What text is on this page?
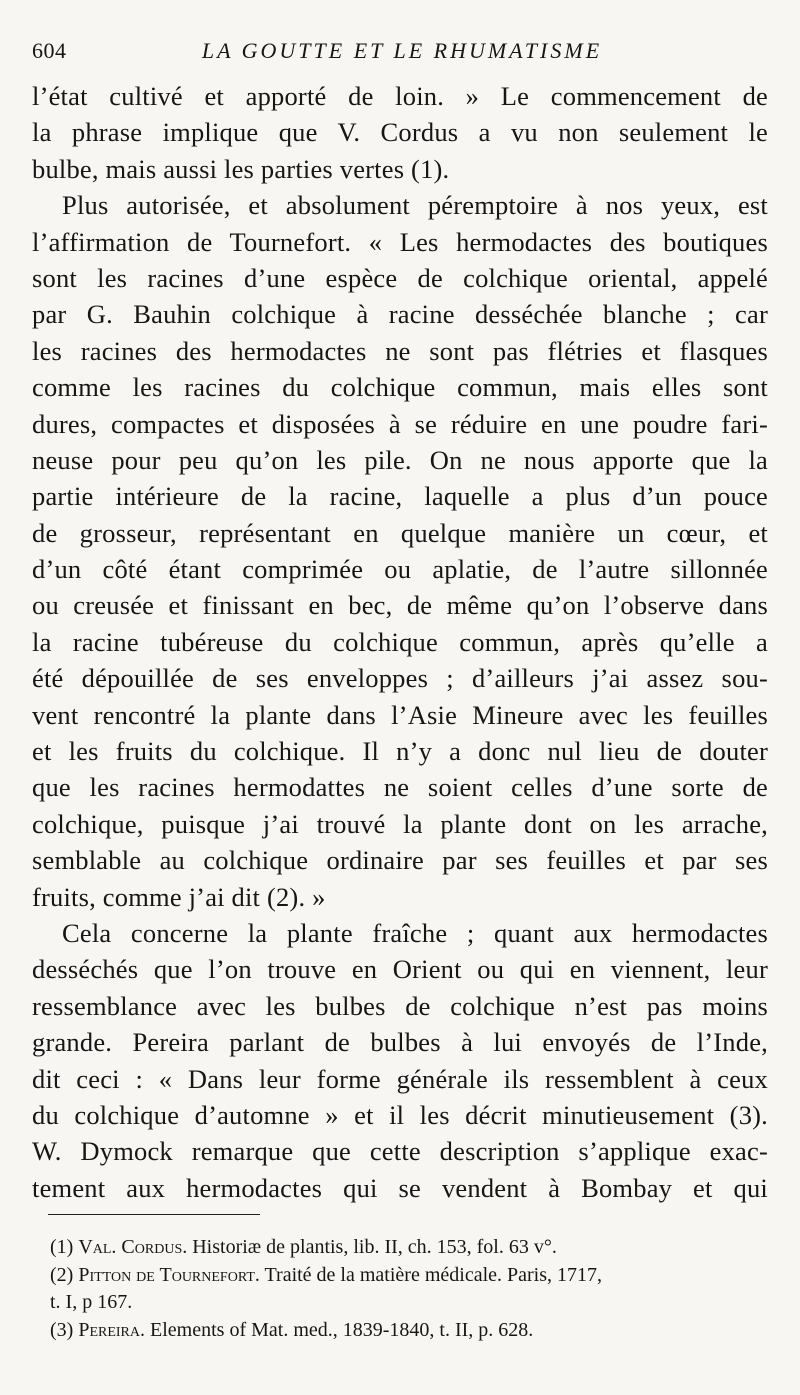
604	LA GOUTTE ET LE RHUMATISME
l’état cultivé et apporté de loin. » Le commencement de
la phrase implique que V. Cordus a vu non seulement le
bulbe, mais aussi les parties vertes (1).
Plus autorisée, et absolument péremptoire à nos yeux, est
l’affirmation de Tournefort. « Les hermodactes des boutiques
sont les racines d’une espèce de colchique oriental, appelé
par G. Bauhin colchique à racine desséchée blanche ; car
les racines des hermodactes ne sont pas flétries et flasques
comme les racines du colchique commun, mais elles sont
dures, compactes et disposées à se réduire en une poudre fari-
neuse pour peu qu’on les pile. On ne nous apporte que la
partie intérieure de la racine, laquelle a plus d’un pouce
de grosseur, représentant en quelque manière un cœur, et
d’un côté étant comprimée ou aplatie, de l’autre sillonnée
ou creusée et finissant en bec, de même qu’on l’observe dans
la racine tubéreuse du colchique commun, après qu’elle a
été dépouillée de ses enveloppes ; d’ailleurs j’ai assez sou-
vent rencontré la plante dans l’Asie Mineure avec les feuilles
et les fruits du colchique. Il n’y a donc nul lieu de douter
que les racines hermodattes ne soient celles d’une sorte de
colchique, puisque j’ai trouvé la plante dont on les arrache,
semblable au colchique ordinaire par ses feuilles et par ses
fruits, comme j’ai dit (2). »
Cela concerne la plante fraîche ; quant aux hermodactes
desséchés que l’on trouve en Orient ou qui en viennent, leur
ressemblance avec les bulbes de colchique n’est pas moins
grande. Pereira parlant de bulbes à lui envoyés de l’Inde,
dit ceci : « Dans leur forme générale ils ressemblent à ceux
du colchique d’automne » et il les décrit minutieusement (3).
W. Dymock remarque que cette description s’applique exac-
tement aux hermodactes qui se vendent à Bombay et qui
(1) Val. Cordus. Historiæ de plantis, lib. II, ch. 153, fol. 63 v°.
(2) Pitton de Tournefort. Traité de la matière médicale. Paris, 1717,
t. I, p 167.
(3) Pereira. Elements of Mat. med., 1839-1840, t. II, p. 628.
